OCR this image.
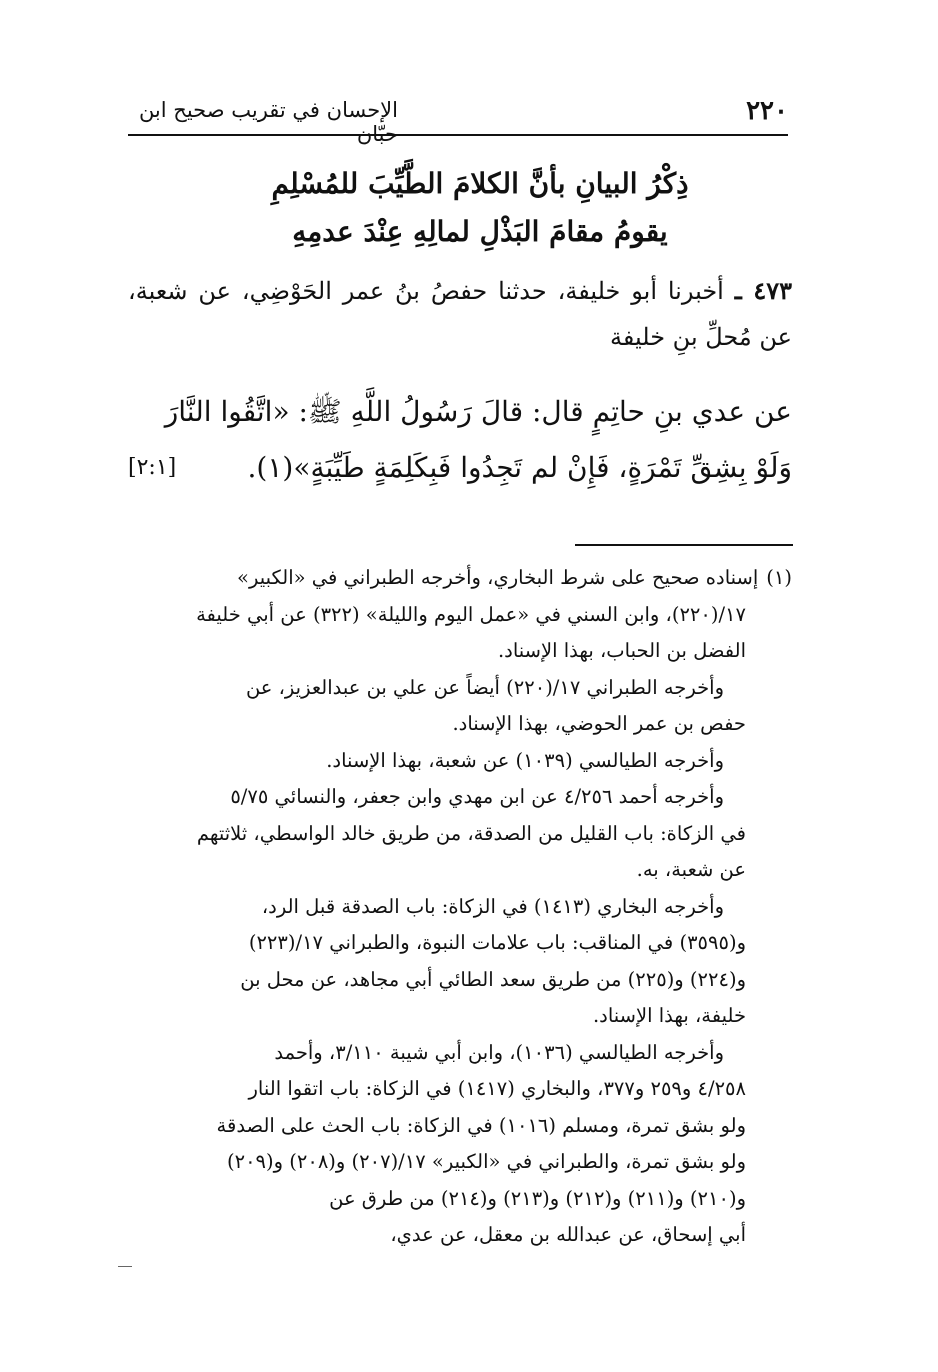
٢٢٠
الإحسان في تقريب صحيح ابن حبّان
ذِكْرُ البيانِ بأنَّ الكلامَ الطَّيِّبَ للمُسْلِمِ
يقومُ مقامَ البَذْلِ لمالِهِ عِنْدَ عدمِهِ
٤٧٣ ـ أخبرنا أبو خليفة، حدثنا حفصُ بنُ عمر الحَوْضِي، عن شعبة، عن مُحلِّ بنِ خليفة
عن عدي بنِ حاتِمٍ قال: قالَ رَسُولُ اللَّهِ ﷺ: «اتَّقُوا النَّارَ
وَلَوْ بِشِقِّ تَمْرَةٍ، فَإِنْ لم تَجِدُوا فَبِكَلِمَةٍ طَيِّبَةٍ»(١).
[٢:١]
(١)إسناده صحيح على شرط البخاري، وأخرجه الطبراني في «الكبير»
١٧/(٢٢٠)، وابن السني في «عمل اليوم والليلة» (٣٢٢) عن أبي خليفة
الفضل بن الحباب، بهذا الإسناد.
وأخرجه الطبراني ١٧/(٢٢٠) أيضاً عن علي بن عبدالعزيز، عن
حفص بن عمر الحوضي، بهذا الإسناد.
وأخرجه الطيالسي (١٠٣٩) عن شعبة، بهذا الإسناد.
وأخرجه أحمد ٤/٢٥٦ عن ابن مهدي وابن جعفر، والنسائي ٥/٧٥
في الزكاة: باب القليل من الصدقة، من طريق خالد الواسطي، ثلاثتهم
عن شعبة، به.
وأخرجه البخاري (١٤١٣) في الزكاة: باب الصدقة قبل الرد،
و(٣٥٩٥) في المناقب: باب علامات النبوة، والطبراني ١٧/(٢٢٣)
و(٢٢٤) و(٢٢٥) من طريق سعد الطائي أبي مجاهد، عن محل بن
خليفة، بهذا الإسناد.
وأخرجه الطيالسي (١٠٣٦)، وابن أبي شيبة ٣/١١٠، وأحمد
٤/٢٥٨ و٢٥٩ و٣٧٧، والبخاري (١٤١٧) في الزكاة: باب اتقوا النار
ولو بشق تمرة، ومسلم (١٠١٦) في الزكاة: باب الحث على الصدقة
ولو بشق تمرة، والطبراني في «الكبير» ١٧/(٢٠٧) و(٢٠٨) و(٢٠٩)
و(٢١٠) و(٢١١) و(٢١٢) و(٢١٣) و(٢١٤) من طرق عن
أبي إسحاق، عن عبدالله بن معقل، عن عدي،
